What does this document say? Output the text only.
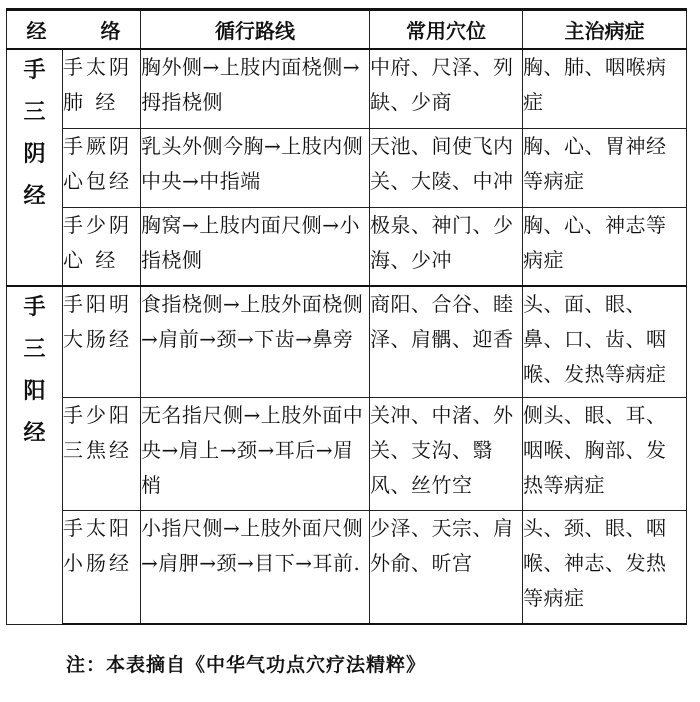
经 络		循行路线	常用穴位	主治病症

手
三
阴
经	手太阴肺 经	胸外侧→上肢内面桡侧→拇指桡侧	中府、尺泽、列缺、少商	胸、肺、咽喉病症
	手厥阴心包经	乳头外侧今胸→上肢内侧中央→中指端	天池、间使飞内关、大陵、中冲	胸、心、胃神经等病症
	手少阴心 经	胸窝→上肢内面尺侧→小指桡侧	极泉、神门、少海、少冲	胸、心、神志等病症

手
三
阳
经	手阳明大肠经	食指桡侧→上肢外面桡侧→肩前→颈→下齿→鼻旁	商阳、合谷、睦泽、肩髃、迎香	头、面、眼、鼻、口、齿、咽喉、发热等病症
	手少阳三焦经	无名指尺侧→上肢外面中央→肩上→颈→耳后→眉梢	关冲、中渚、外关、支沟、翳风、丝竹空	侧头、眼、耳、咽喉、胸部、发热等病症
	手太阳小肠经	小指尺侧→上肢外面尺侧→肩胛→颈→目下→耳前.	少泽、天宗、肩外俞、昕宫	头、颈、眼、咽喉、神志、发热等病症
注：本表摘自《中华气功点穴疗法精粹》
